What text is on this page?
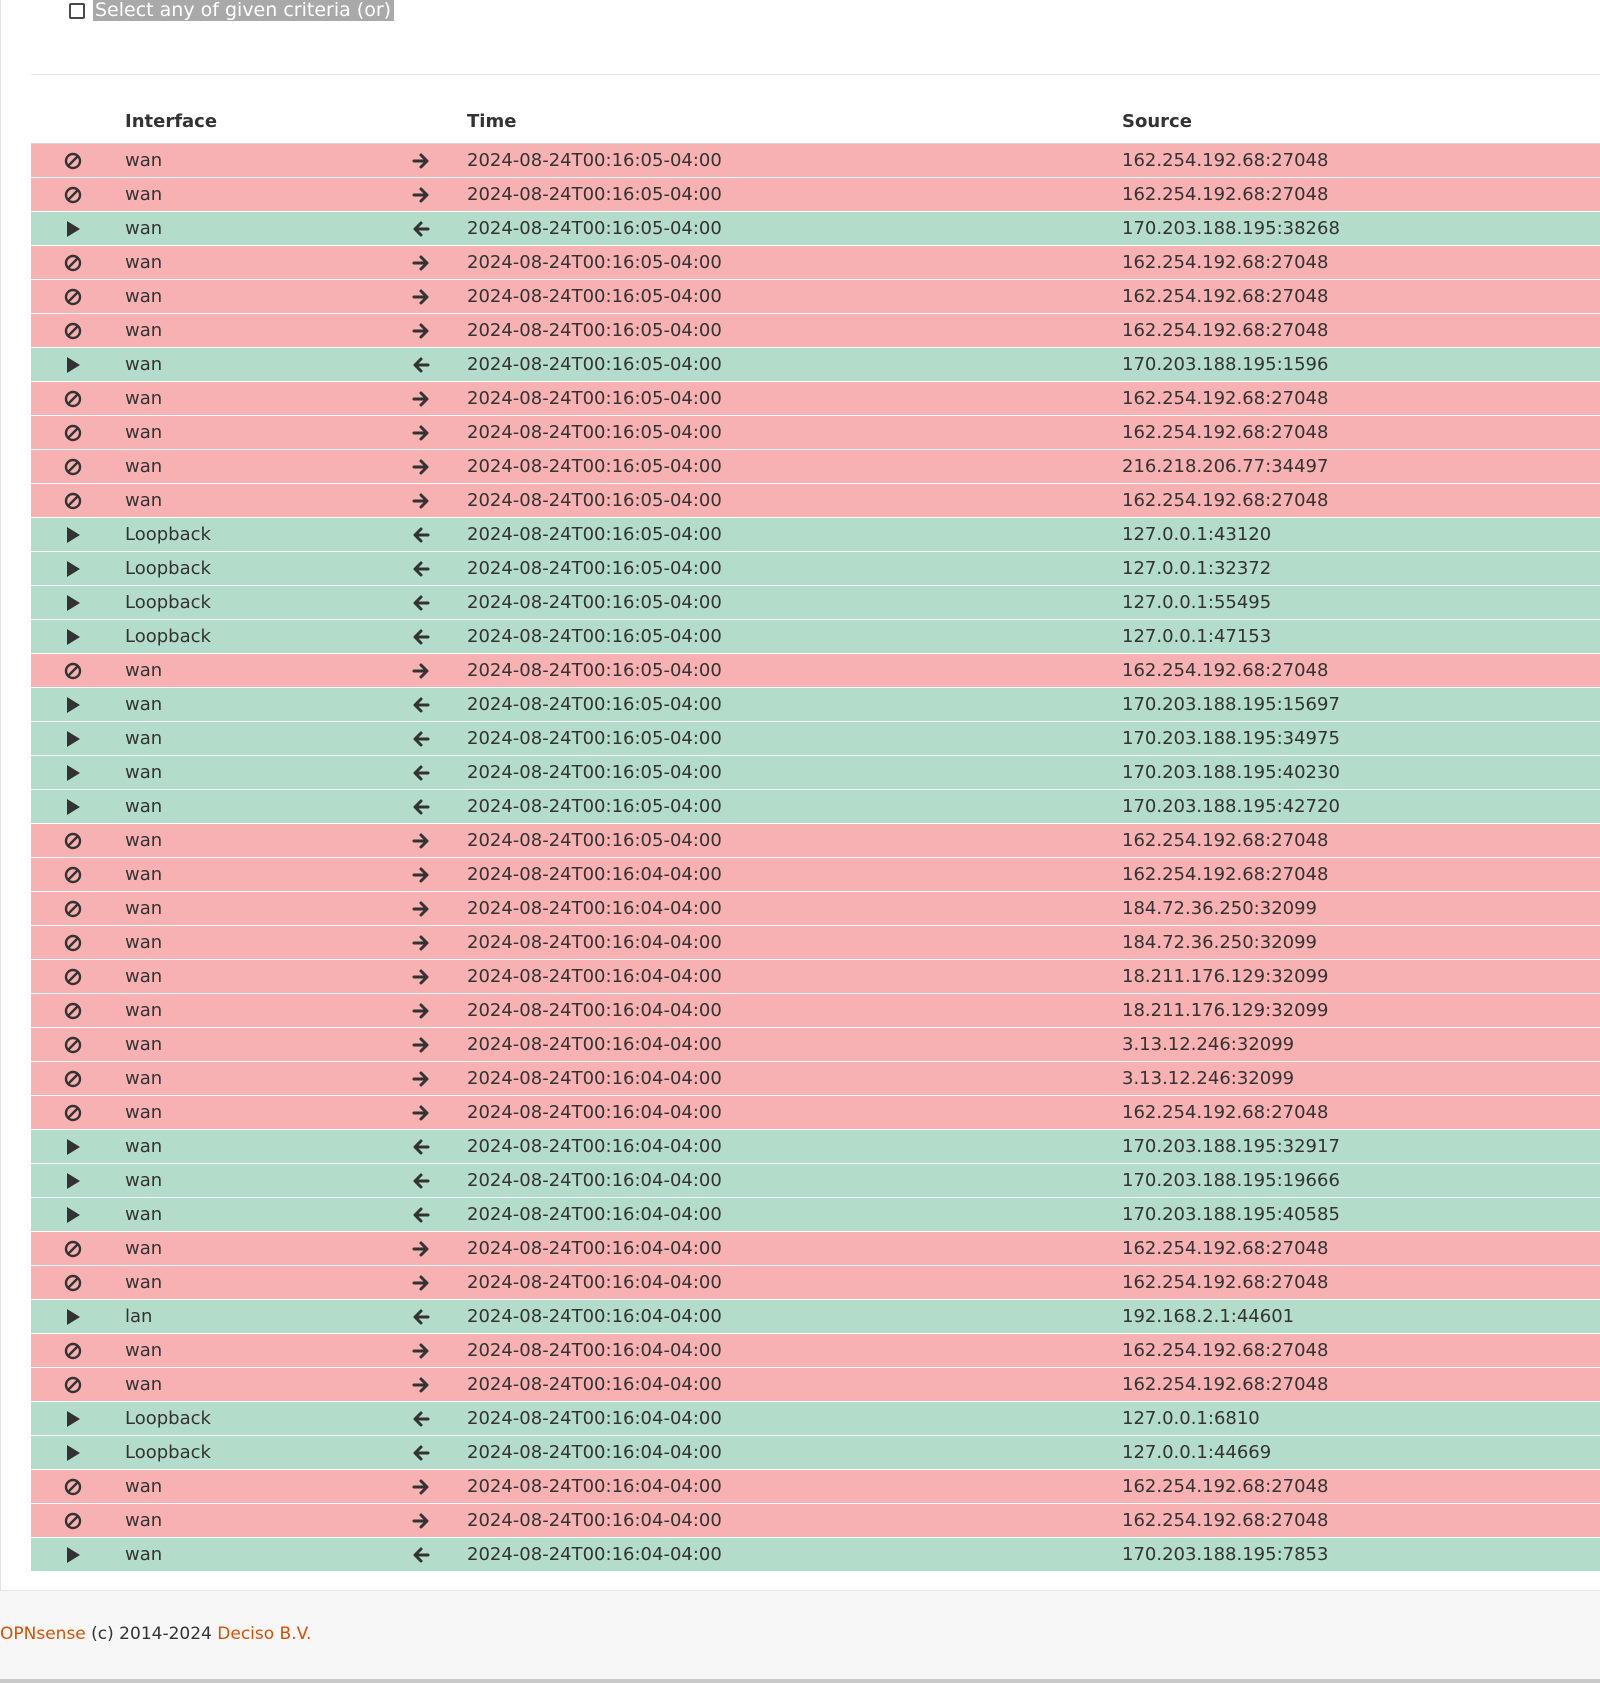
Select any of given criteria (or)
	Interface		Time	Source
	wan		2024-08-24T00:16:05-04:00	162.254.192.68:27048
	wan		2024-08-24T00:16:05-04:00	162.254.192.68:27048
	wan		2024-08-24T00:16:05-04:00	170.203.188.195:38268
	wan		2024-08-24T00:16:05-04:00	162.254.192.68:27048
	wan		2024-08-24T00:16:05-04:00	162.254.192.68:27048
	wan		2024-08-24T00:16:05-04:00	162.254.192.68:27048
	wan		2024-08-24T00:16:05-04:00	170.203.188.195:1596
	wan		2024-08-24T00:16:05-04:00	162.254.192.68:27048
	wan		2024-08-24T00:16:05-04:00	162.254.192.68:27048
	wan		2024-08-24T00:16:05-04:00	216.218.206.77:34497
	wan		2024-08-24T00:16:05-04:00	162.254.192.68:27048
	Loopback		2024-08-24T00:16:05-04:00	127.0.0.1:43120
	Loopback		2024-08-24T00:16:05-04:00	127.0.0.1:32372
	Loopback		2024-08-24T00:16:05-04:00	127.0.0.1:55495
	Loopback		2024-08-24T00:16:05-04:00	127.0.0.1:47153
	wan		2024-08-24T00:16:05-04:00	162.254.192.68:27048
	wan		2024-08-24T00:16:05-04:00	170.203.188.195:15697
	wan		2024-08-24T00:16:05-04:00	170.203.188.195:34975
	wan		2024-08-24T00:16:05-04:00	170.203.188.195:40230
	wan		2024-08-24T00:16:05-04:00	170.203.188.195:42720
	wan		2024-08-24T00:16:05-04:00	162.254.192.68:27048
	wan		2024-08-24T00:16:04-04:00	162.254.192.68:27048
	wan		2024-08-24T00:16:04-04:00	184.72.36.250:32099
	wan		2024-08-24T00:16:04-04:00	184.72.36.250:32099
	wan		2024-08-24T00:16:04-04:00	18.211.176.129:32099
	wan		2024-08-24T00:16:04-04:00	18.211.176.129:32099
	wan		2024-08-24T00:16:04-04:00	3.13.12.246:32099
	wan		2024-08-24T00:16:04-04:00	3.13.12.246:32099
	wan		2024-08-24T00:16:04-04:00	162.254.192.68:27048
	wan		2024-08-24T00:16:04-04:00	170.203.188.195:32917
	wan		2024-08-24T00:16:04-04:00	170.203.188.195:19666
	wan		2024-08-24T00:16:04-04:00	170.203.188.195:40585
	wan		2024-08-24T00:16:04-04:00	162.254.192.68:27048
	wan		2024-08-24T00:16:04-04:00	162.254.192.68:27048
	lan		2024-08-24T00:16:04-04:00	192.168.2.1:44601
	wan		2024-08-24T00:16:04-04:00	162.254.192.68:27048
	wan		2024-08-24T00:16:04-04:00	162.254.192.68:27048
	Loopback		2024-08-24T00:16:04-04:00	127.0.0.1:6810
	Loopback		2024-08-24T00:16:04-04:00	127.0.0.1:44669
	wan		2024-08-24T00:16:04-04:00	162.254.192.68:27048
	wan		2024-08-24T00:16:04-04:00	162.254.192.68:27048
	wan		2024-08-24T00:16:04-04:00	170.203.188.195:7853
OPNsense (c) 2014-2024 Deciso B.V.
